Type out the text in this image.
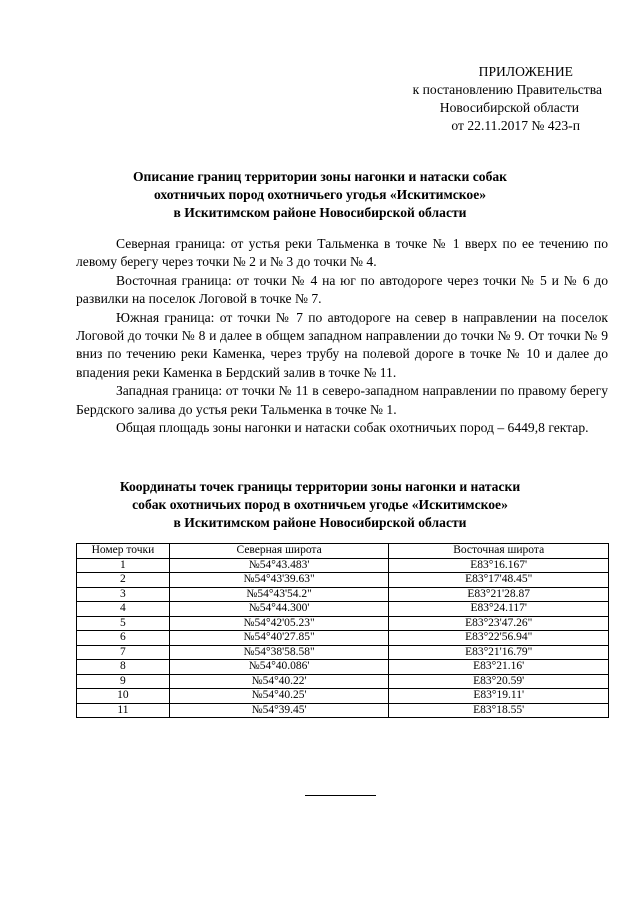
ПРИЛОЖЕНИЕ
к постановлению Правительства
Новосибирской области
от 22.11.2017 № 423-п
Описание границ территории зоны нагонки и натаски собак
охотничьих пород охотничьего угодья «Искитимское»
в Искитимском районе Новосибирской области

Северная граница: от устья реки Тальменка в точке № 1 вверх по ее течению по левому берегу через точки № 2 и № 3 до точки № 4.

Восточная граница: от точки № 4 на юг по автодороге через точки № 5 и № 6 до развилки на поселок Логовой в точке № 7.

Южная граница: от точки № 7 по автодороге на север в направлении на поселок Логовой до точки № 8 и далее в общем западном направлении до точки № 9. От точки № 9 вниз по течению реки Каменка, через трубу на полевой дороге в точке № 10 и далее до впадения реки Каменка в Бердский залив в точке № 11.

Западная граница: от точки № 11 в северо-западном направлении по правому берегу Бердского залива до устья реки Тальменка в точке № 1.

Общая площадь зоны нагонки и натаски собак охотничьих пород – 6449,8 гектар.

Координаты точек границы территории зоны нагонки и натаски
собак охотничьих пород в охотничьем угодье «Искитимское»
в Искитимском районе Новосибирской области
Номер точки	Северная широта	Восточная широта
1	№54°43.483'	E83°16.167'
2	№54°43'39.63"	E83°17'48.45"
3	№54°43'54.2"	E83°21'28.87
4	№54°44.300'	E83°24.117'
5	№54°42'05.23"	E83°23'47.26"
6	№54°40'27.85"	E83°22'56.94"
7	№54°38'58.58"	E83°21'16.79"
8	№54°40.086'	E83°21.16'
9	№54°40.22'	E83°20.59'
10	№54°40.25'	E83°19.11'
11	№54°39.45'	E83°18.55'
